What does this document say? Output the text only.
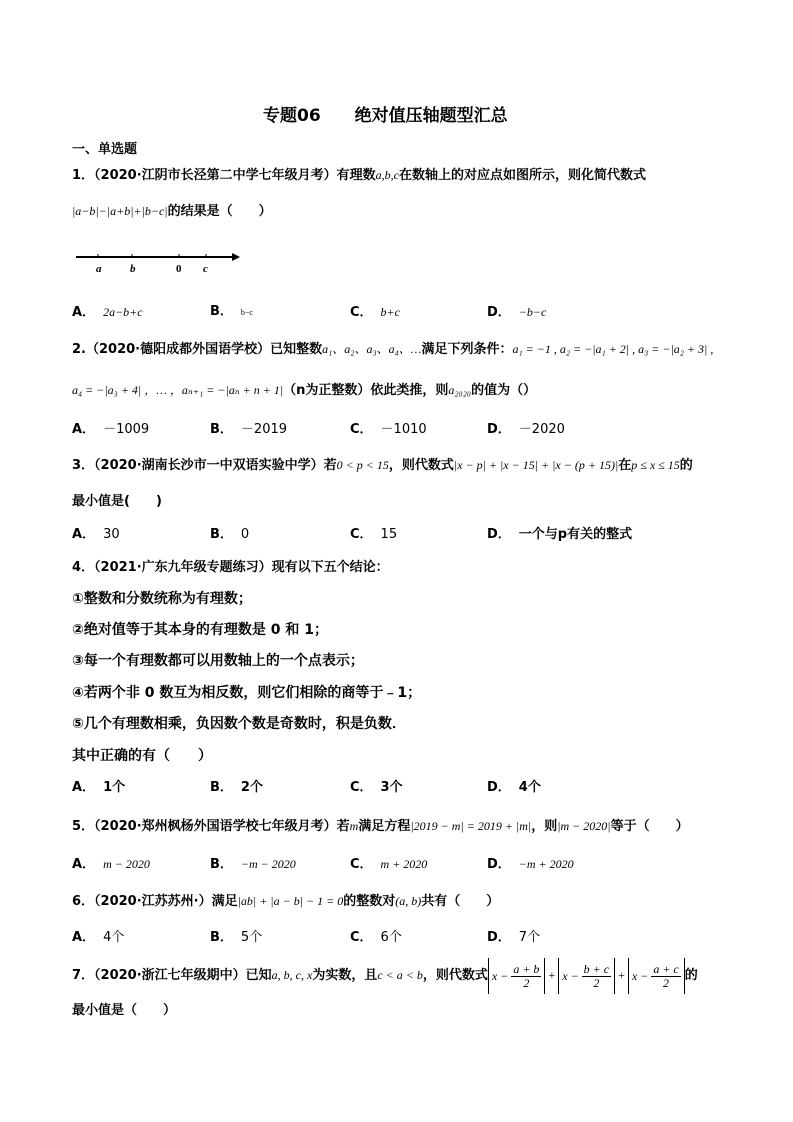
专题06　　绝对值压轴题型汇总
一、单选题
1．（2020·江阴市长泾第二中学七年级月考）有理数a,b,c在数轴上的对应点如图所示，则化简代数式
|a−b|−|a+b|+|b−c|的结果是（　　）
a	b	0 c
A． 2a−b+c	B． b−c	C． b+c	D． −b−c
2.（2020·德阳成都外国语学校）已知整数a₁、a₂、a₃、a₄、…满足下列条件：a₁ = −1 , a₂ = −|a₁ + 2| , a₃ = −|a₂ + 3| ,
a₄ = −|a₃ + 4| ，… ，aₙ₊₁ = −|aₙ + n + 1|（n为正整数）依此类推，则a₂₀₂₀的值为（）
A． －1009	B． －2019	C． －1010	D． －2020
3．（2020·湖南长沙市一中双语实验中学）若0 < p < 15，则代数式|x − p| + |x − 15| + |x − (p + 15)|在p ≤ x ≤ 15的
最小值是(　　)
A． 30	B． 0	C． 15	D． 一个与p有关的整式
4．（2021·广东九年级专题练习）现有以下五个结论：
①整数和分数统称为有理数；
②绝对值等于其本身的有理数是 0 和 1；
③每一个有理数都可以用数轴上的一个点表示；
④若两个非 0 数互为相反数，则它们相除的商等于﹣1；
⑤几个有理数相乘，负因数个数是奇数时，积是负数．
其中正确的有（　　）
A． 1个	B． 2个	C． 3个	D． 4个
5．（2020·郑州枫杨外国语学校七年级月考）若m满足方程|2019 − m| = 2019 + |m|，则|m − 2020|等于（　　）
A． m − 2020	B． −m − 2020	C． m + 2020	D． −m + 2020
6．（2020·江苏苏州·）满足|ab| + |a − b| − 1 = 0的整数对(a, b)共有（　　）
A． 4个	B． 5个	C． 6个	D． 7个
7．（2020·浙江七年级期中）已知a, b, c, x为实数，且c < a < b，则代数式 $x - \frac{a + b}{2} + x - \frac{b + c}{2} + x - \frac{a + c}{2}$ 的
最小值是（　　）
